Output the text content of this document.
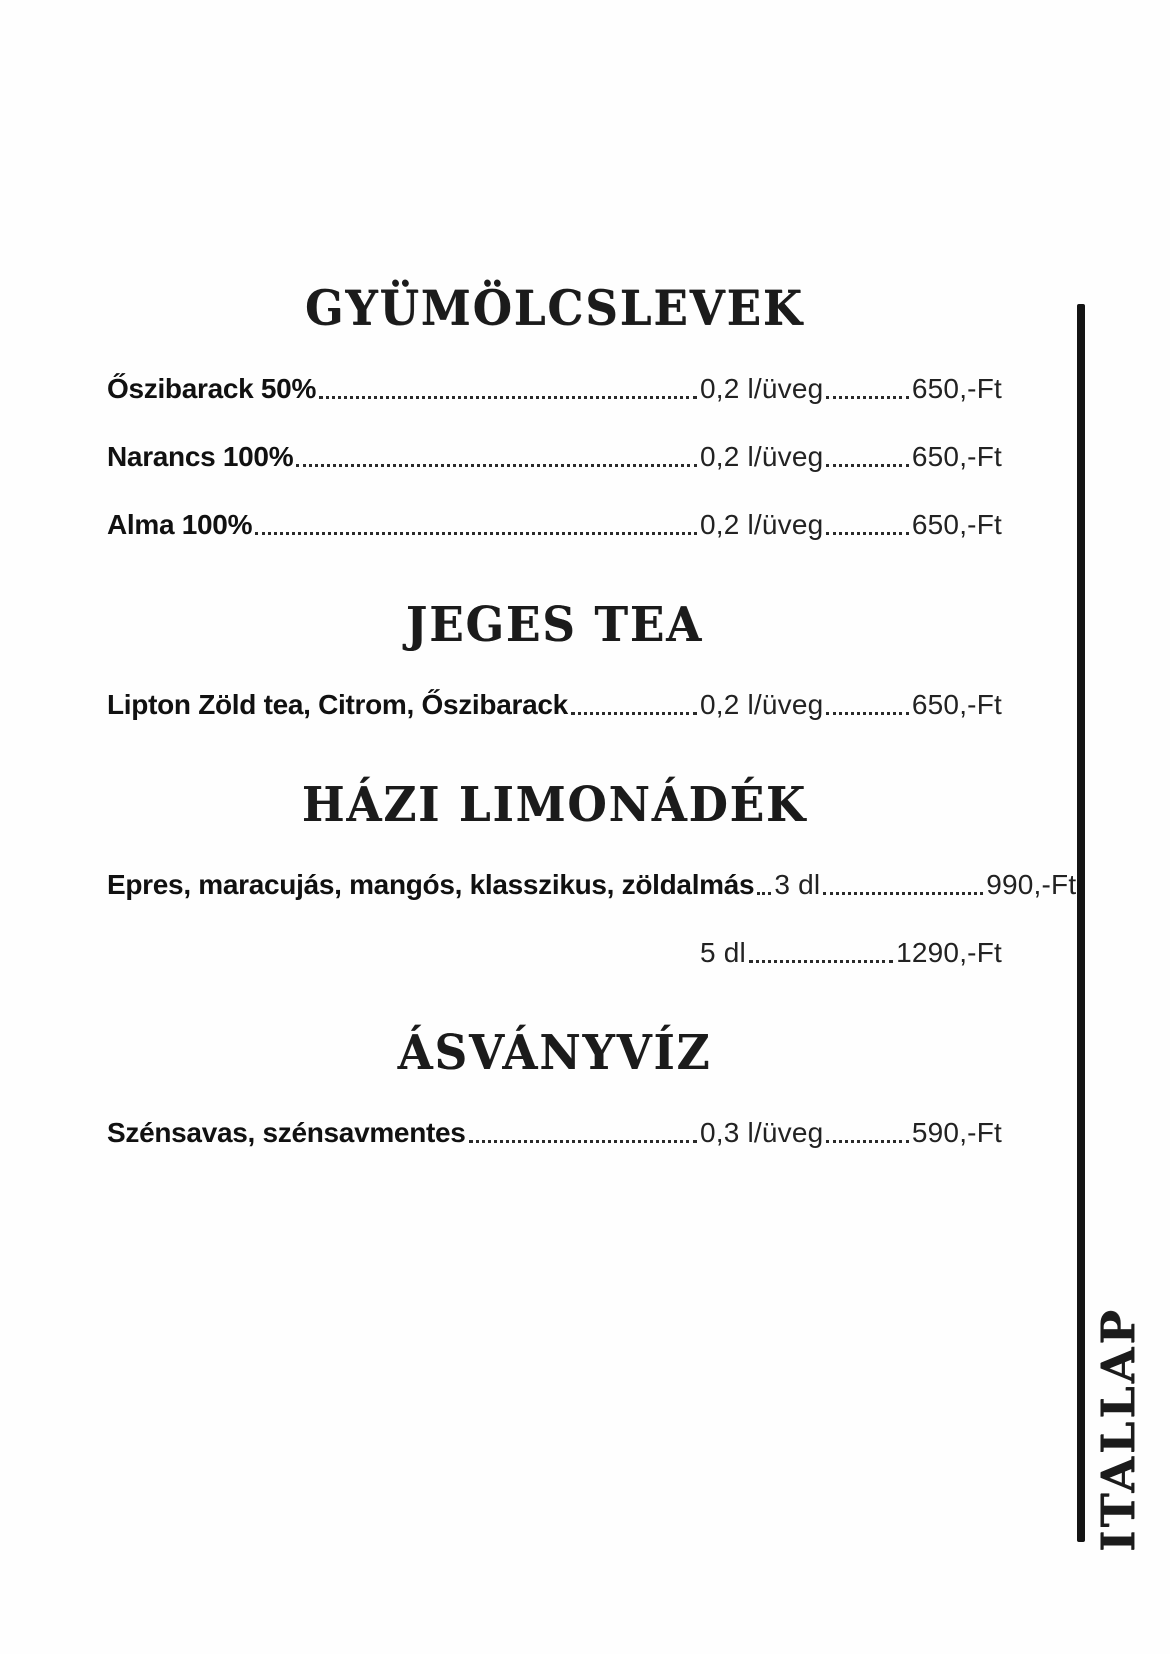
GYÜMÖLCSLEVEK
Őszibarack 50%	0,2 l/üveg	650,-Ft
Narancs 100%	0,2 l/üveg	650,-Ft
Alma 100%	0,2 l/üveg	650,-Ft
JEGES TEA
Lipton Zöld tea, Citrom, Őszibarack	0,2 l/üveg	650,-Ft
HÁZI LIMONÁDÉK
Epres, maracujás, mangós, klasszikus, zöldalmás 3 dl	990,-Ft
5 dl	1290,-Ft
ÁSVÁNYVÍZ
Szénsavas, szénsavmentes	0,3 l/üveg	590,-Ft
ITALLAP
